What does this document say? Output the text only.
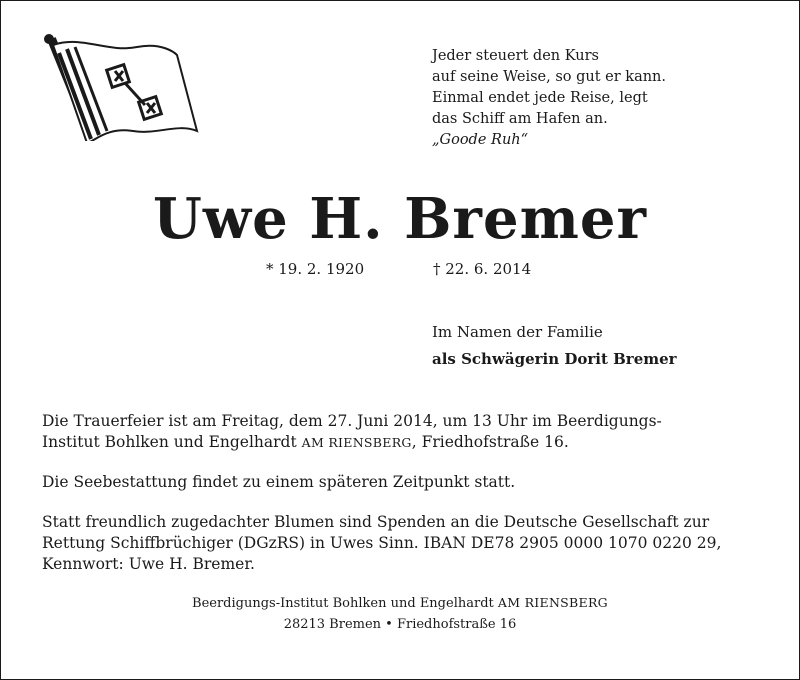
Jeder steuert den Kurs
auf seine Weise, so gut er kann.
Einmal endet jede Reise, legt
das Schiff am Hafen an.
„Goode Ruh“
Uwe H. Bremer
* 19. 2. 1920	† 22. 6. 2014
Im Namen der Familie
als Schwägerin Dorit Bremer
Die Trauerfeier ist am Freitag, dem 27. Juni 2014, um 13 Uhr im Beerdigungs-
Institut Bohlken und Engelhardt AM RIENSBERG, Friedhofstraße 16.
Die Seebestattung findet zu einem späteren Zeitpunkt statt.
Statt freundlich zugedachter Blumen sind Spenden an die Deutsche Gesellschaft zur
Rettung Schiffbrüchiger (DGzRS) in Uwes Sinn. IBAN DE78 2905 0000 1070 0220 29,
Kennwort: Uwe H. Bremer.
Beerdigungs-Institut Bohlken und Engelhardt AM RIENSBERG
28213 Bremen • Friedhofstraße 16
